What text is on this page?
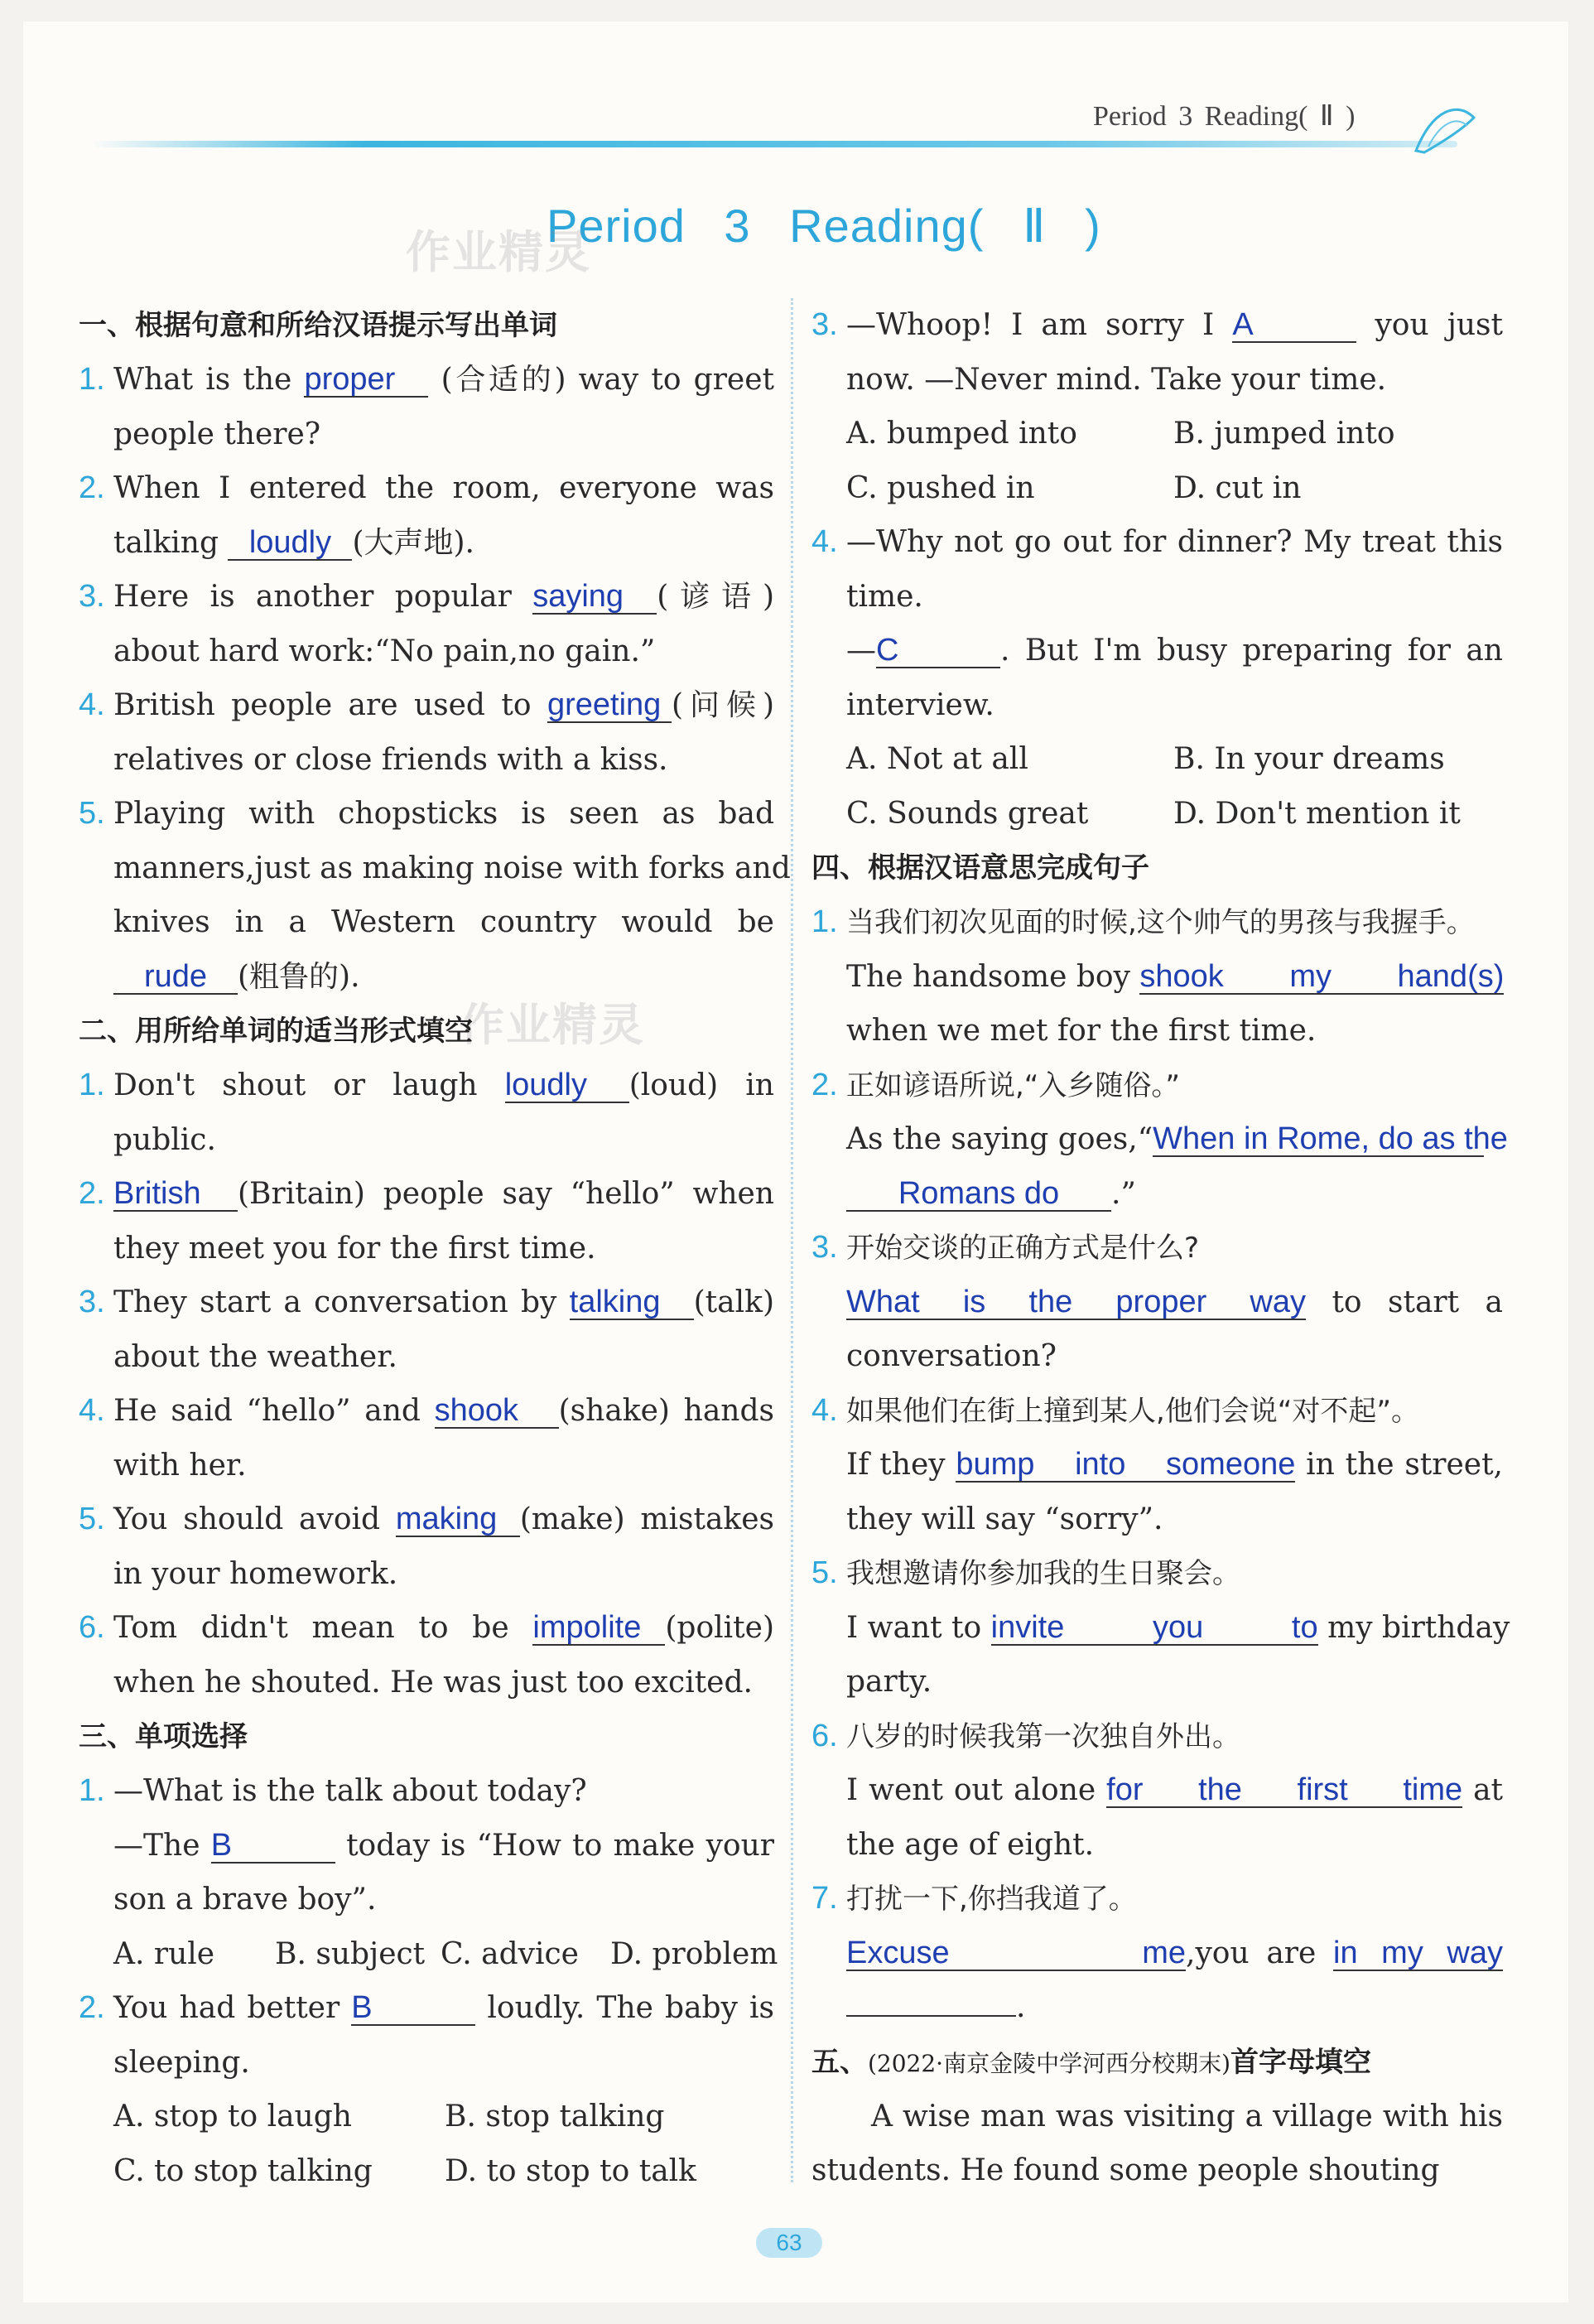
Period 3 Reading( Ⅱ )
Period 3 Reading( Ⅱ )
作业精灵
作业精灵
一、根据句意和所给汉语提示写出单词
1. What is the proper (合适的) way to greet
people there?
2. When I entered the room, everyone was
talking loudly (大声地).
3. Here is another popular saying (谚语)
about hard work:“No pain,no gain.”
4. British people are used to greeting (问候)
relatives or close friends with a kiss.
5. Playing with chopsticks is seen as bad
manners,just as making noise with forks and
knives in a Western country would be
rude (粗鲁的).
二、用所给单词的适当形式填空
1. Don't shout or laugh loudly (loud) in
public.
2. British (Britain) people say “hello” when
they meet you for the first time.
3. They start a conversation by talking (talk)
about the weather.
4. He said “hello” and shook (shake) hands
with her.
5. You should avoid making (make) mistakes
in your homework.
6. Tom didn't mean to be impolite (polite)
when he shouted. He was just too excited.
三、单项选择
1. —What is the talk about today?
—The B	today is “How to make your
son a brave boy”.
A. rule B. subject C. advice D. problem
2. You had better B	loudly. The baby is
sleeping.
A. stop to laugh	B. stop talking
C. to stop talking D. to stop to talk
3. —Whoop! I am sorry I A	you just
now. —Never mind. Take your time.
A. bumped into	B. jumped into
C. pushed in	D. cut in
4. —Why not go out for dinner? My treat this
time.
—C	. But I'm busy preparing for an
interview.
A. Not at all	B. In your dreams
C. Sounds great	D. Don't mention it
四、根据汉语意思完成句子
1. 当我们初次见面的时候,这个帅气的男孩与我握手。
The handsome boy shook my hand(s)
when we met for the first time.
2. 正如谚语所说,“入乡随俗。”
As the saying goes,“When in Rome, do as the
Romans do .”
3. 开始交谈的正确方式是什么?
What is the proper way to start a
conversation?
4. 如果他们在街上撞到某人,他们会说“对不起”。
If they bump into someone in the street,
they will say “sorry”.
5. 我想邀请你参加我的生日聚会。
I want to invite you to my birthday
party.
6. 八岁的时候我第一次独自外出。
I went out alone for the first time at
the age of eight.
7. 打扰一下,你挡我道了。
Excuse me,you are in my way
.
五、(2022·南京金陵中学河西分校期末)首字母填空
A wise man was visiting a village with his students. He found some people shouting
63
